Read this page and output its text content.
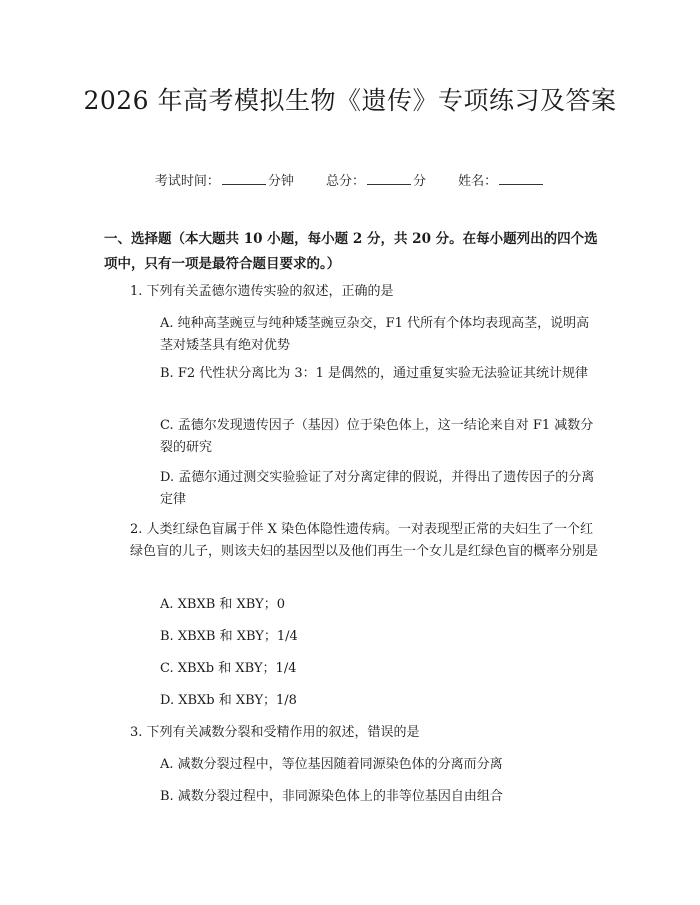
2026 年高考模拟生物《遗传》专项练习及答案
考试时间：	分钟 总分：	分 姓名：
一、选择题（本大题共 10 小题，每小题 2 分，共 20 分。在每小题列出的四个选项中，只有一项是最符合题目要求的。）
1. 下列有关孟德尔遗传实验的叙述，正确的是
A. 纯种高茎豌豆与纯种矮茎豌豆杂交，F1 代所有个体均表现高茎，说明高茎对矮茎具有绝对优势
B. F2 代性状分离比为 3：1 是偶然的，通过重复实验无法验证其统计规律
C. 孟德尔发现遗传因子（基因）位于染色体上，这一结论来自对 F1 减数分裂的研究
D. 孟德尔通过测交实验验证了对分离定律的假说，并得出了遗传因子的分离定律
2. 人类红绿色盲属于伴 X 染色体隐性遗传病。一对表现型正常的夫妇生了一个红绿色盲的儿子，则该夫妇的基因型以及他们再生一个女儿是红绿色盲的概率分别是
A. XBXB 和 XBY；0
B. XBXB 和 XBY；1/4
C. XBXb 和 XBY；1/4
D. XBXb 和 XBY；1/8
3. 下列有关减数分裂和受精作用的叙述，错误的是
A. 减数分裂过程中，等位基因随着同源染色体的分离而分离
B. 减数分裂过程中，非同源染色体上的非等位基因自由组合
